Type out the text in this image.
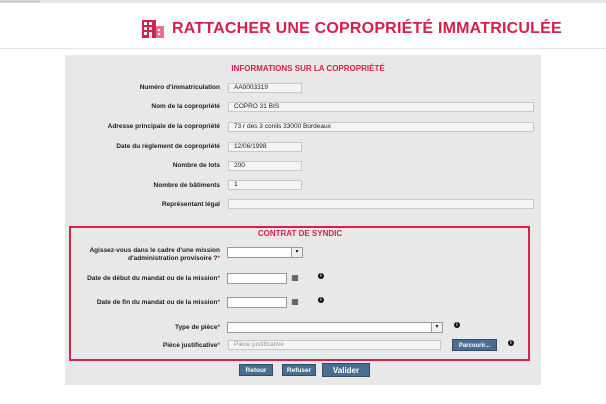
RATTACHER UNE COPROPRIÉTÉ IMMATRICULÉE
INFORMATIONS SUR LA COPROPRIÉTÉ
Numéro d'immatriculation	AA0003319
Nom de la copropriété	COPRO 31 BIS
Adresse principale de la copropriété	73 r des 3 conils 33000 Bordeaux
Date du règlement de copropriété	12/06/1998
Nombre de lots	200
Nombre de bâtiments	1
Représentant légal
CONTRAT DE SYNDIC
Agissez-vous dans le cadre d'une mission
d'administration provisoire ?*
▾
Date de début du mandat ou de la mission*	▦	i
Date de fin du mandat ou de la mission*	▦	i
Type de pièce*	▾	i
Pièce justificative*	Pièce justificative	Parcourir...	i
Retour	Refuser	Valider
